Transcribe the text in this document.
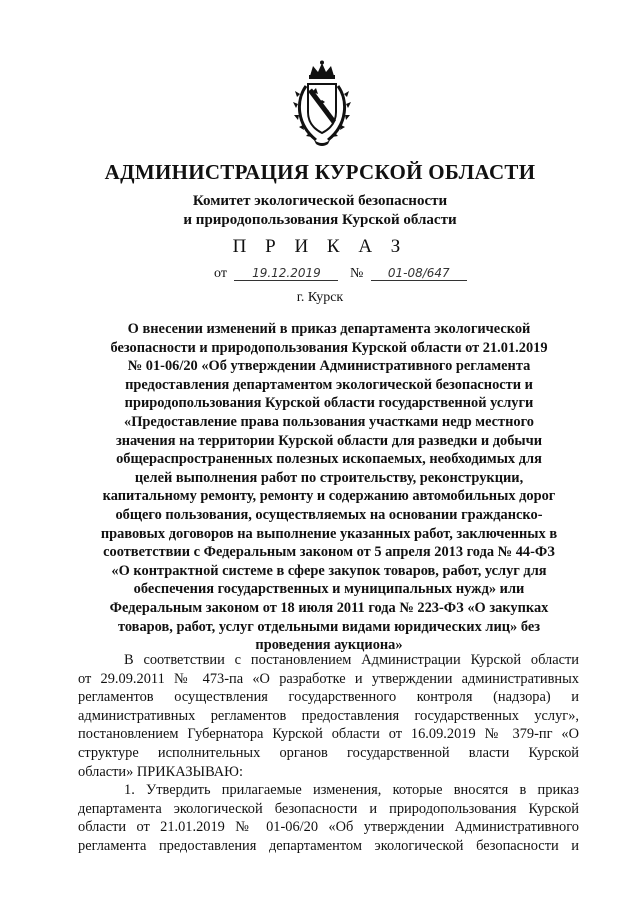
АДМИНИСТРАЦИЯ КУРСКОЙ ОБЛАСТИ
Комитет экологической безопасности
и природопользования Курской области
П Р И К А З
от 19.12.2019 № 01-08/647
г. Курск
О внесении изменений в приказ департамента экологической
безопасности и природопользования Курской области от 21.01.2019
№ 01-06/20 «Об утверждении Административного регламента
предоставления департаментом экологической безопасности и
природопользования Курской области государственной услуги
«Предоставление права пользования участками недр местного
значения на территории Курской области для разведки и добычи
общераспространенных полезных ископаемых, необходимых для
целей выполнения работ по строительству, реконструкции,
капитальному ремонту, ремонту и содержанию автомобильных дорог
общего пользования, осуществляемых на основании гражданско-
правовых договоров на выполнение указанных работ, заключенных в
соответствии с Федеральным законом от 5 апреля 2013 года № 44-ФЗ
«О контрактной системе в сфере закупок товаров, работ, услуг для
обеспечения государственных и муниципальных нужд» или
Федеральным законом от 18 июля 2011 года № 223-ФЗ «О закупках
товаров, работ, услуг отдельными видами юридических лиц» без
проведения аукциона»
В соответствии с постановлением Администрации Курской области
от 29.09.2011 № 473-па «О разработке и утверждении административных
регламентов осуществления государственного контроля (надзора) и
административных регламентов предоставления государственных услуг»,
постановлением Губернатора Курской области от 16.09.2019 № 379-пг «О
структуре исполнительных органов государственной власти Курской
области» ПРИКАЗЫВАЮ:
1. Утвердить прилагаемые изменения, которые вносятся в приказ
департамента экологической безопасности и природопользования Курской
области от 21.01.2019 № 01-06/20 «Об утверждении Административного
регламента предоставления департаментом экологической безопасности и
